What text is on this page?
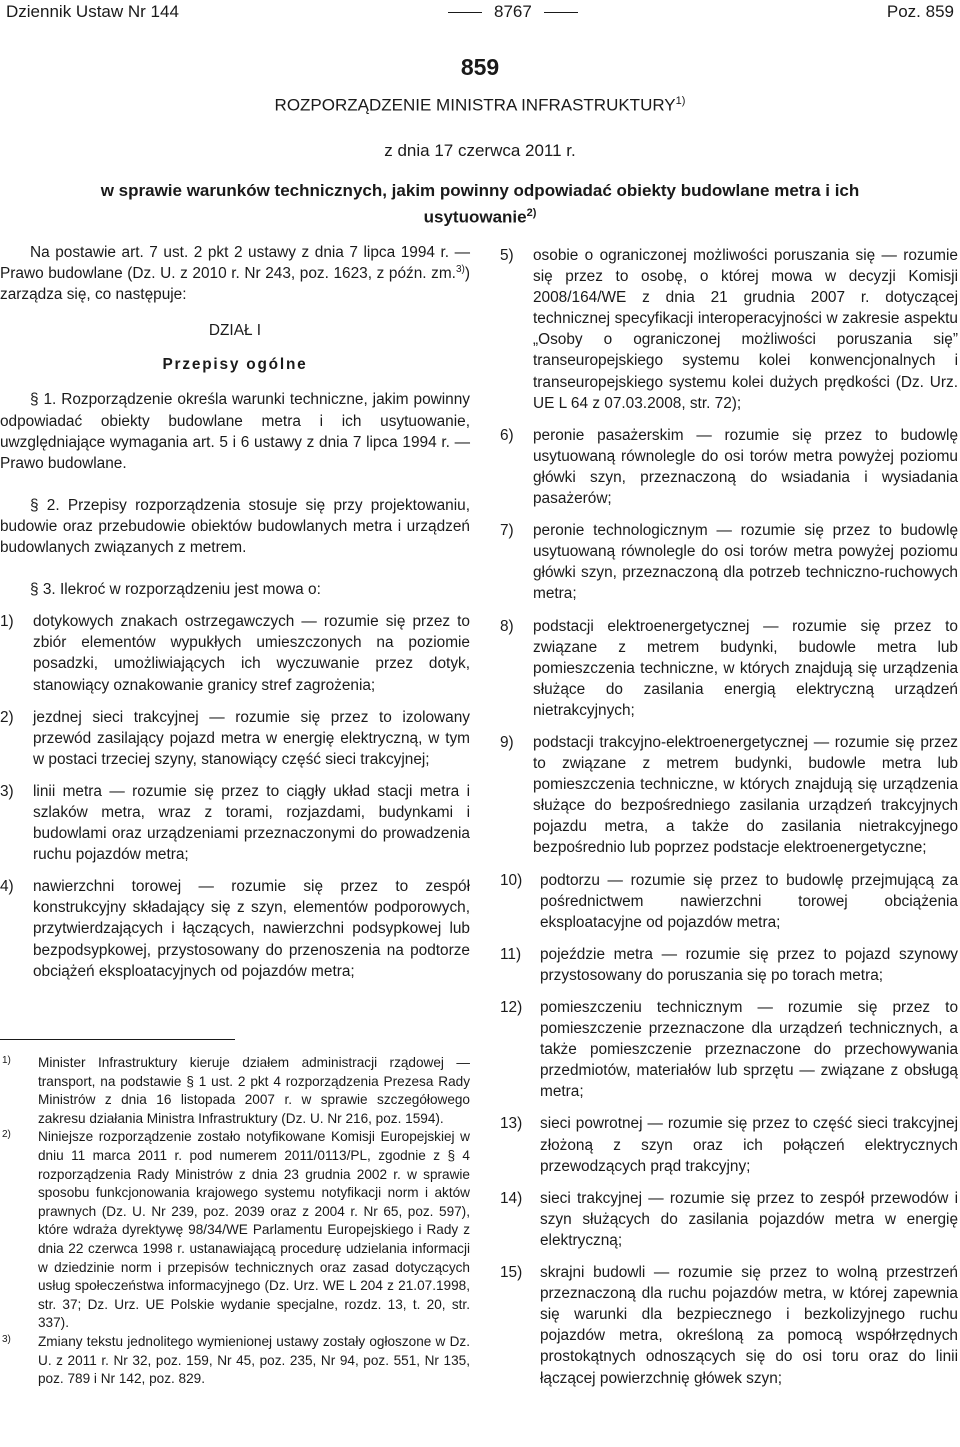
Dziennik Ustaw Nr 144	8767	Poz. 859
859
ROZPORZĄDZENIE MINISTRA INFRASTRUKTURY$^{1)}$
z dnia 17 czerwca 2011 r.
w sprawie warunków technicznych, jakim powinny odpowiadać obiekty budowlane metra i ich
usytuowanie$^{2)}$

Na postawie art. 7 ust. 2 pkt 2 ustawy z dnia 7 lipca 1994 r. — Prawo budowlane (Dz. U. z 2010 r. Nr 243, poz. 1623, z późn. zm.$^{3)}$) zarządza się, co następuje:

DZIAŁ I
Przepisy ogólne

§ 1. Rozporządzenie określa warunki techniczne, jakim powinny odpowiadać obiekty budowlane metra i ich usytuowanie, uwzględniające wymagania art. 5 i 6 ustawy z dnia 7 lipca 1994 r. — Prawo budowlane.

§ 2. Przepisy rozporządzenia stosuje się przy projektowaniu, budowie oraz przebudowie obiektów budowlanych metra i urządzeń budowlanych związanych z metrem.

§ 3. Ilekroć w rozporządzeniu jest mowa o:

1) dotykowych znakach ostrzegawczych — rozumie się przez to zbiór elementów wypukłych umieszczonych na poziomie posadzki, umożliwiających ich wyczuwanie przez dotyk, stanowiący oznakowanie granicy stref zagrożenia;
2) jezdnej sieci trakcyjnej — rozumie się przez to izolowany przewód zasilający pojazd metra w energię elektryczną, w tym w postaci trzeciej szyny, stanowiący część sieci trakcyjnej;
3) linii metra — rozumie się przez to ciągły układ stacji metra i szlaków metra, wraz z torami, rozjazdami, budynkami i budowlami oraz urządzeniami przeznaczonymi do prowadzenia ruchu pojazdów metra;
4) nawierzchni torowej — rozumie się przez to zespół konstrukcyjny składający się z szyn, elementów podporowych, przytwierdzających i łączących, nawierzchni podsypkowej lub bezpodsypkowej, przystosowany do przenoszenia na podtorze obciążeń eksploatacyjnych od pojazdów metra;

1) Minister Infrastruktury kieruje działem administracji rządowej — transport, na podstawie § 1 ust. 2 pkt 4 rozporządzenia Prezesa Rady Ministrów z dnia 16 listopada 2007 r. w sprawie szczegółowego zakresu działania Ministra Infrastruktury (Dz. U. Nr 216, poz. 1594).

2) Niniejsze rozporządzenie zostało notyfikowane Komisji Europejskiej w dniu 11 marca 2011 r. pod numerem 2011/0113/PL, zgodnie z § 4 rozporządzenia Rady Ministrów z dnia 23 grudnia 2002 r. w sprawie sposobu funkcjonowania krajowego systemu notyfikacji norm i aktów prawnych (Dz. U. Nr 239, poz. 2039 oraz z 2004 r. Nr 65, poz. 597), które wdraża dyrektywę 98/34/WE Parlamentu Europejskiego i Rady z dnia 22 czerwca 1998 r. ustanawiającą procedurę udzielania informacji w dziedzinie norm i przepisów technicznych oraz zasad dotyczących usług społeczeństwa informacyjnego (Dz. Urz. WE L 204 z 21.07.1998, str. 37; Dz. Urz. UE Polskie wydanie specjalne, rozdz. 13, t. 20, str. 337).

3) Zmiany tekstu jednolitego wymienionej ustawy zostały ogłoszone w Dz. U. z 2011 r. Nr 32, poz. 159, Nr 45, poz. 235, Nr 94, poz. 551, Nr 135, poz. 789 i Nr 142, poz. 829.

5) osobie o ograniczonej możliwości poruszania się — rozumie się przez to osobę, o której mowa w decyzji Komisji 2008/164/WE z dnia 21 grudnia 2007 r. dotyczącej technicznej specyfikacji interoperacyjności w zakresie aspektu „Osoby o ograniczonej możliwości poruszania się” transeuropejskiego systemu kolei konwencjonalnych i transeuropejskiego systemu kolei dużych prędkości (Dz. Urz. UE L 64 z 07.03.2008, str. 72);
6) peronie pasażerskim — rozumie się przez to budowlę usytuowaną równolegle do osi torów metra powyżej poziomu główki szyn, przeznaczoną do wsiadania i wysiadania pasażerów;
7) peronie technologicznym — rozumie się przez to budowlę usytuowaną równolegle do osi torów metra powyżej poziomu główki szyn, przeznaczoną dla potrzeb techniczno-ruchowych metra;
8) podstacji elektroenergetycznej — rozumie się przez to związane z metrem budynki, budowle metra lub pomieszczenia techniczne, w których znajdują się urządzenia służące do zasilania energią elektryczną urządzeń nietrakcyjnych;
9) podstacji trakcyjno-elektroenergetycznej — rozumie się przez to związane z metrem budynki, budowle metra lub pomieszczenia techniczne, w których znajdują się urządzenia służące do bezpośredniego zasilania urządzeń trakcyjnych pojazdu metra, a także do zasilania nietrakcyjnego bezpośrednio lub poprzez podstacje elektroenergetyczne;
10) podtorzu — rozumie się przez to budowlę przejmującą za pośrednictwem nawierzchni torowej obciążenia eksploatacyjne od pojazdów metra;
11) pojeździe metra — rozumie się przez to pojazd szynowy przystosowany do poruszania się po torach metra;
12) pomieszczeniu technicznym — rozumie się przez to pomieszczenie przeznaczone dla urządzeń technicznych, a także pomieszczenie przeznaczone do przechowywania przedmiotów, materiałów lub sprzętu — związane z obsługą metra;
13) sieci powrotnej — rozumie się przez to część sieci trakcyjnej złożoną z szyn oraz ich połączeń elektrycznych przewodzących prąd trakcyjny;
14) sieci trakcyjnej — rozumie się przez to zespół przewodów i szyn służących do zasilania pojazdów metra w energię elektryczną;
15) skrajni budowli — rozumie się przez to wolną przestrzeń przeznaczoną dla ruchu pojazdów metra, w której zapewnia się warunki dla bezpiecznego i bezkolizyjnego ruchu pojazdów metra, określoną za pomocą współrzędnych prostokątnych odnoszących się do osi toru oraz do linii łączącej powierzchnię główek szyn;
